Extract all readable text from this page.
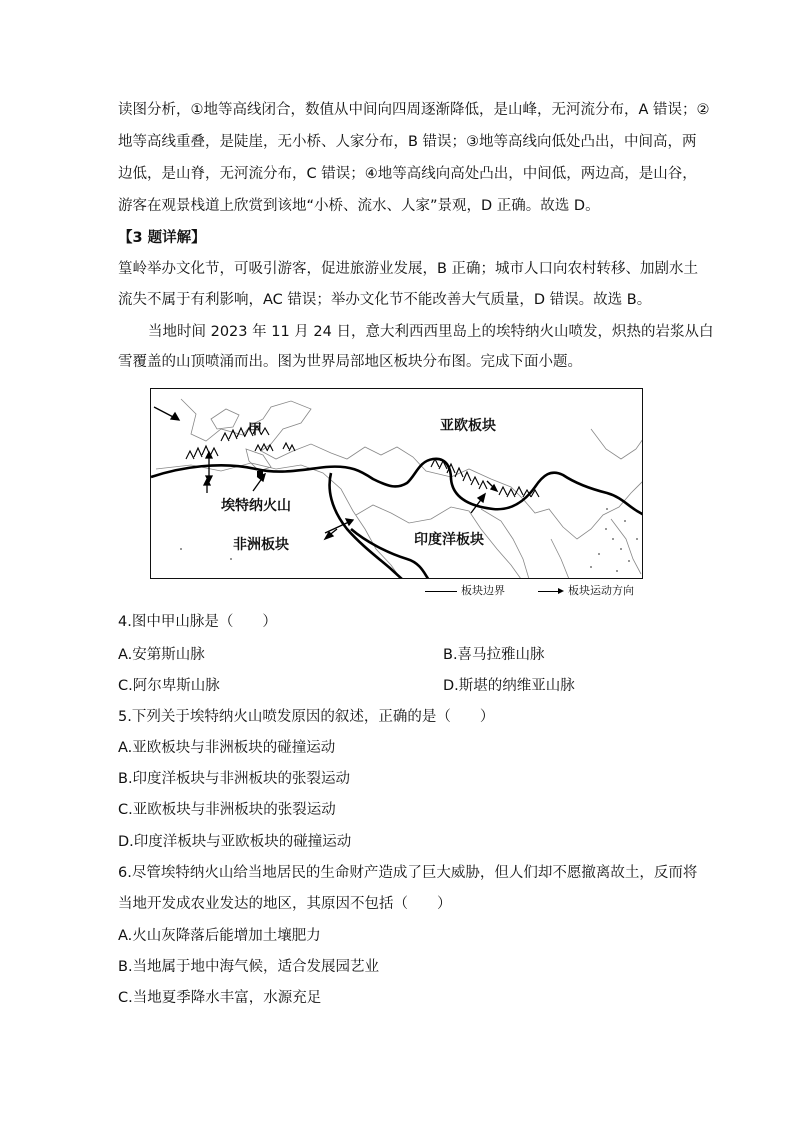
读图分析，①地等高线闭合，数值从中间向四周逐渐降低，是山峰，无河流分布，A 错误；②
地等高线重叠，是陡崖，无小桥、人家分布，B 错误；③地等高线向低处凸出，中间高，两
边低，是山脊，无河流分布，C 错误；④地等高线向高处凸出，中间低，两边高，是山谷，
游客在观景栈道上欣赏到该地“小桥、流水、人家”景观，D 正确。故选 D。
【3 题详解】
篁岭举办文化节，可吸引游客，促进旅游业发展，B 正确；城市人口向农村转移、加剧水土
流失不属于有利影响，AC 错误；举办文化节不能改善大气质量，D 错误。故选 B。
当地时间 2023 年 11 月 24 日，意大利西西里岛上的埃特纳火山喷发，炽热的岩浆从白
雪覆盖的山顶喷涌而出。图为世界局部地区板块分布图。完成下面小题。
甲	亚欧板块
埃特纳火山
非洲板块	印度洋板块
板块边界	板块运动方向
4.图中甲山脉是（　　）
A.安第斯山脉	B.喜马拉雅山脉
C.阿尔卑斯山脉	D.斯堪的纳维亚山脉
5.下列关于埃特纳火山喷发原因的叙述，正确的是（　　）
A.亚欧板块与非洲板块的碰撞运动
B.印度洋板块与非洲板块的张裂运动
C.亚欧板块与非洲板块的张裂运动
D.印度洋板块与亚欧板块的碰撞运动
6.尽管埃特纳火山给当地居民的生命财产造成了巨大威胁，但人们却不愿撤离故土，反而将
当地开发成农业发达的地区，其原因不包括（　　）
A.火山灰降落后能增加土壤肥力
B.当地属于地中海气候，适合发展园艺业
C.当地夏季降水丰富，水源充足
